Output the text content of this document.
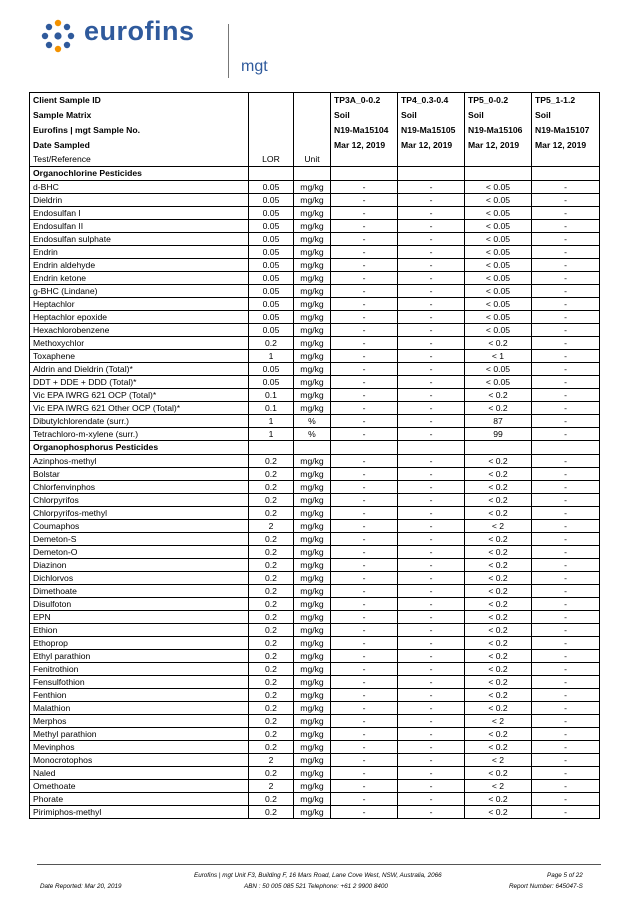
eurofins
mgt
Client Sample ID			TP3A_0-0.2	TP4_0.3-0.4	TP5_0-0.2	TP5_1-1.2
Sample Matrix			Soil	Soil	Soil	Soil
Eurofins | mgt Sample No.			N19-Ma15104	N19-Ma15105	N19-Ma15106	N19-Ma15107
Date Sampled			Mar 12, 2019	Mar 12, 2019	Mar 12, 2019	Mar 12, 2019
Test/Reference	LOR	Unit				
Organochlorine Pesticides						
d-BHC	0.05	mg/kg	-	-	< 0.05	-
Dieldrin	0.05	mg/kg	-	-	< 0.05	-
Endosulfan I	0.05	mg/kg	-	-	< 0.05	-
Endosulfan II	0.05	mg/kg	-	-	< 0.05	-
Endosulfan sulphate	0.05	mg/kg	-	-	< 0.05	-
Endrin	0.05	mg/kg	-	-	< 0.05	-
Endrin aldehyde	0.05	mg/kg	-	-	< 0.05	-
Endrin ketone	0.05	mg/kg	-	-	< 0.05	-
g-BHC (Lindane)	0.05	mg/kg	-	-	< 0.05	-
Heptachlor	0.05	mg/kg	-	-	< 0.05	-
Heptachlor epoxide	0.05	mg/kg	-	-	< 0.05	-
Hexachlorobenzene	0.05	mg/kg	-	-	< 0.05	-
Methoxychlor	0.2	mg/kg	-	-	< 0.2	-
Toxaphene	1	mg/kg	-	-	< 1	-
Aldrin and Dieldrin (Total)*	0.05	mg/kg	-	-	< 0.05	-
DDT + DDE + DDD (Total)*	0.05	mg/kg	-	-	< 0.05	-
Vic EPA IWRG 621 OCP (Total)*	0.1	mg/kg	-	-	< 0.2	-
Vic EPA IWRG 621 Other OCP (Total)*	0.1	mg/kg	-	-	< 0.2	-
Dibutylchlorendate (surr.)	1	%	-	-	87	-
Tetrachloro-m-xylene (surr.)	1	%	-	-	99	-
Organophosphorus Pesticides						
Azinphos-methyl	0.2	mg/kg	-	-	< 0.2	-
Bolstar	0.2	mg/kg	-	-	< 0.2	-
Chlorfenvinphos	0.2	mg/kg	-	-	< 0.2	-
Chlorpyrifos	0.2	mg/kg	-	-	< 0.2	-
Chlorpyrifos-methyl	0.2	mg/kg	-	-	< 0.2	-
Coumaphos	2	mg/kg	-	-	< 2	-
Demeton-S	0.2	mg/kg	-	-	< 0.2	-
Demeton-O	0.2	mg/kg	-	-	< 0.2	-
Diazinon	0.2	mg/kg	-	-	< 0.2	-
Dichlorvos	0.2	mg/kg	-	-	< 0.2	-
Dimethoate	0.2	mg/kg	-	-	< 0.2	-
Disulfoton	0.2	mg/kg	-	-	< 0.2	-
EPN	0.2	mg/kg	-	-	< 0.2	-
Ethion	0.2	mg/kg	-	-	< 0.2	-
Ethoprop	0.2	mg/kg	-	-	< 0.2	-
Ethyl parathion	0.2	mg/kg	-	-	< 0.2	-
Fenitrothion	0.2	mg/kg	-	-	< 0.2	-
Fensulfothion	0.2	mg/kg	-	-	< 0.2	-
Fenthion	0.2	mg/kg	-	-	< 0.2	-
Malathion	0.2	mg/kg	-	-	< 0.2	-
Merphos	0.2	mg/kg	-	-	< 2	-
Methyl parathion	0.2	mg/kg	-	-	< 0.2	-
Mevinphos	0.2	mg/kg	-	-	< 0.2	-
Monocrotophos	2	mg/kg	-	-	< 2	-
Naled	0.2	mg/kg	-	-	< 0.2	-
Omethoate	2	mg/kg	-	-	< 2	-
Phorate	0.2	mg/kg	-	-	< 0.2	-
Pirimiphos-methyl	0.2	mg/kg	-	-	< 0.2	-
Eurofins | mgt Unit F3, Building F, 16 Mars Road, Lane Cove West, NSW, Australia, 2066	Page 5 of 22
Date Reported: Mar 20, 2019	ABN : 50 005 085 521 Telephone: +61 2 9900 8400	Report Number: 645047-S
